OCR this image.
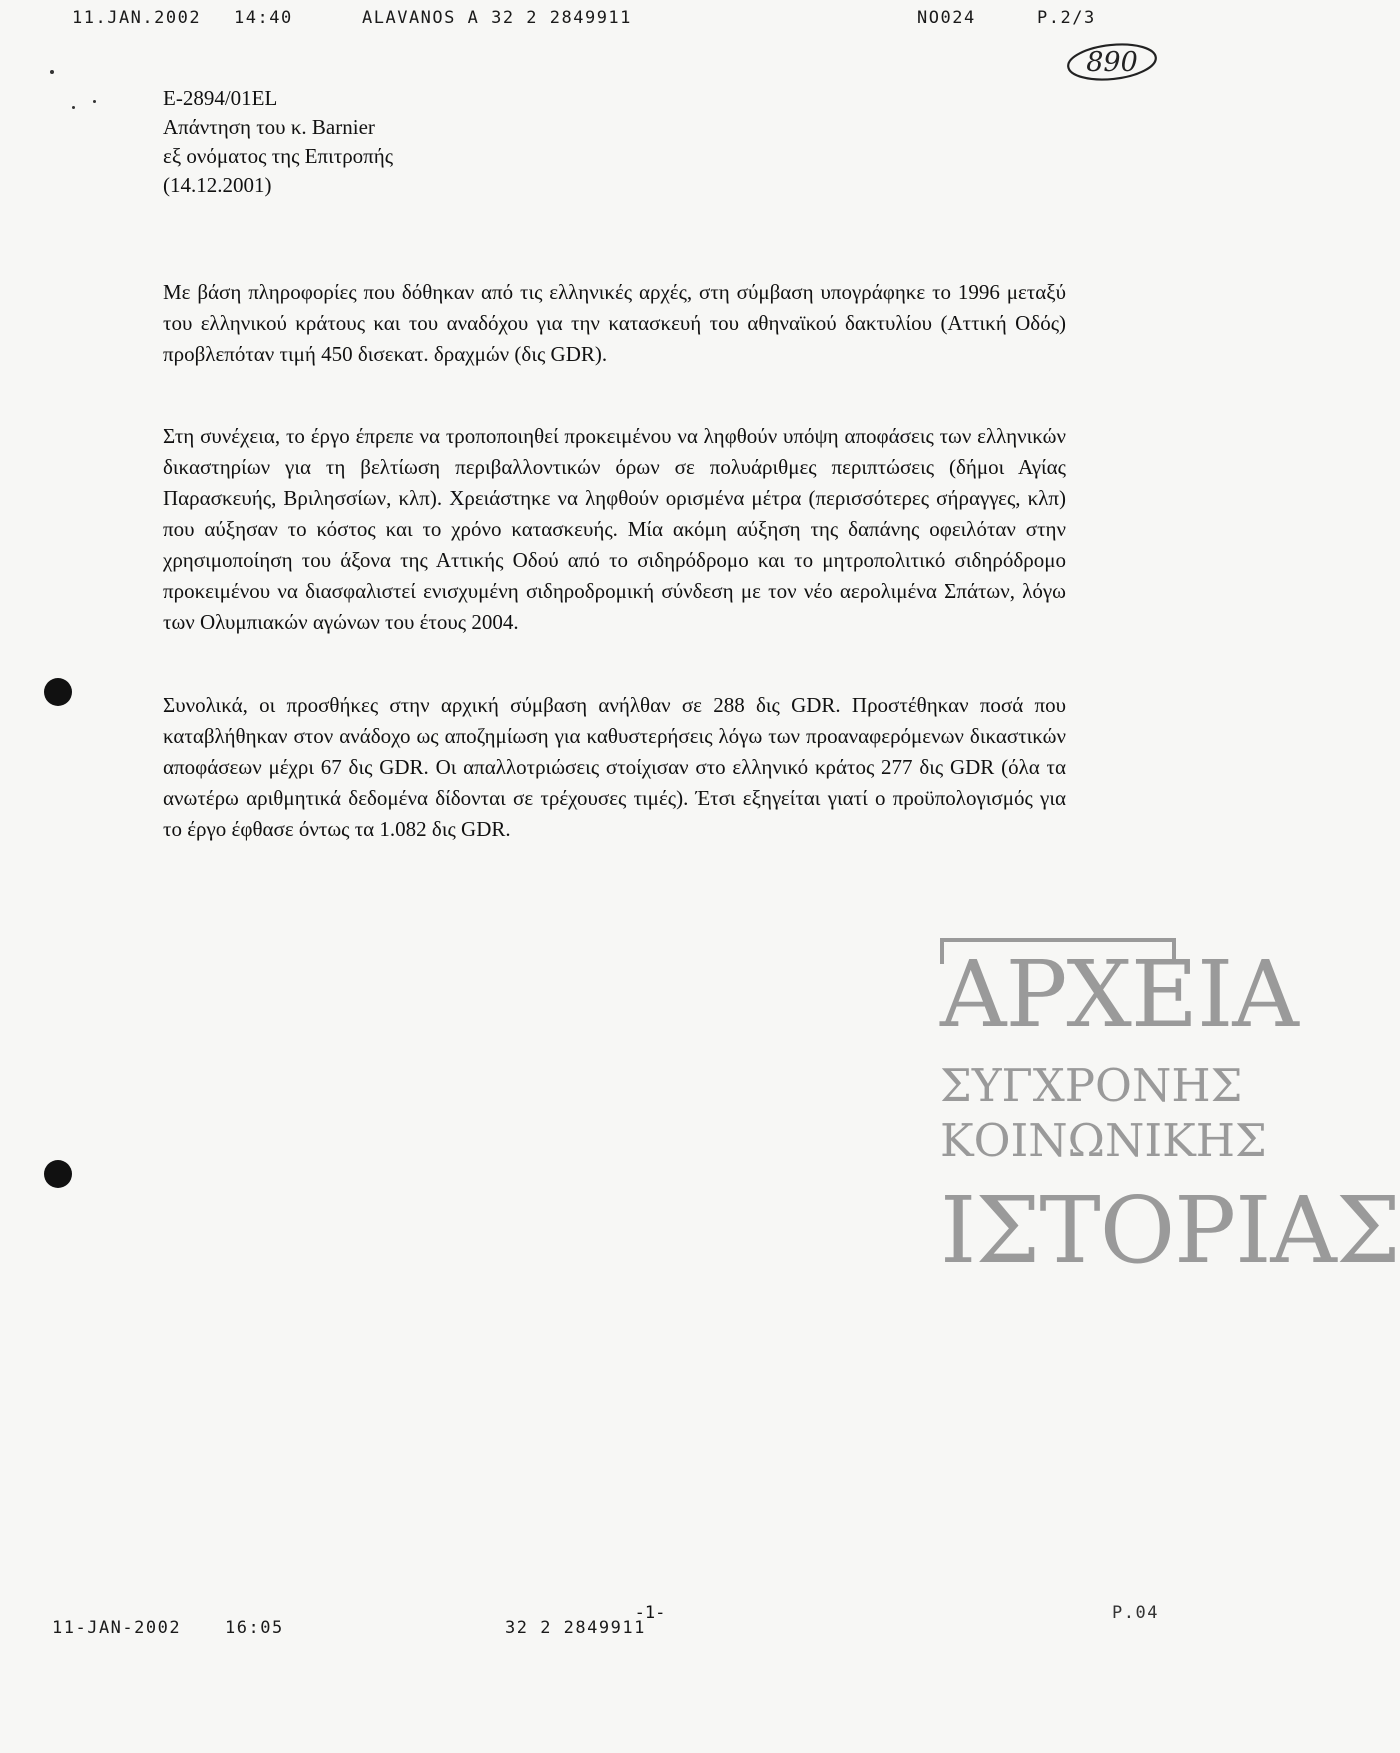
11.JAN.2002 14:40	ALAVANOS A 32 2 2849911	NO024	P.2/3
890
E-2894/01EL
Απάντηση του κ. Barnier
εξ ονόματος της Επιτροπής
(14.12.2001)

Με βάση πληροφορίες που δόθηκαν από τις ελληνικές αρχές, στη σύμβαση υπογράφηκε το 1996 μεταξύ του ελληνικού κράτους και του αναδόχου για την κατασκευή του αθηναϊκού δακτυλίου (Αττική Οδός) προβλεπόταν τιμή 450 δισεκατ. δραχμών (δις GDR).

Στη συνέχεια, το έργο έπρεπε να τροποποιηθεί προκειμένου να ληφθούν υπόψη αποφάσεις των ελληνικών δικαστηρίων για τη βελτίωση περιβαλλοντικών όρων σε πολυάριθμες περιπτώσεις (δήμοι Αγίας Παρασκευής, Βριλησσίων, κλπ). Χρειάστηκε να ληφθούν ορισμένα μέτρα (περισσότερες σήραγγες, κλπ) που αύξησαν το κόστος και το χρόνο κατασκευής. Μία ακόμη αύξηση της δαπάνης οφειλόταν στην χρησιμοποίηση του άξονα της Αττικής Οδού από το σιδηρόδρομο και το μητροπολιτικό σιδηρόδρομο προκειμένου να διασφαλιστεί ενισχυμένη σιδηροδρομική σύνδεση με τον νέο αερολιμένα Σπάτων, λόγω των Ολυμπιακών αγώνων του έτους 2004.

Συνολικά, οι προσθήκες στην αρχική σύμβαση ανήλθαν σε 288 δις GDR. Προστέθηκαν ποσά που καταβλήθηκαν στον ανάδοχο ως αποζημίωση για καθυστερήσεις λόγω των προαναφερόμενων δικαστικών αποφάσεων μέχρι 67 δις GDR. Οι απαλλοτριώσεις στοίχισαν στο ελληνικό κράτος 277 δις GDR (όλα τα ανωτέρω αριθμητικά δεδομένα δίδονται σε τρέχουσες τιμές). Έτσι εξηγείται γιατί ο προϋπολογισμός για το έργο έφθασε όντως τα 1.082 δις GDR.

ΑΡΧΕΙΑ
ΣΥΓΧΡΟΝΗΣ
ΚΟΙΝΩΝΙΚΗΣ
ΙΣΤΟΡΙΑΣ
-1-
11-JAN-2002	16:05	32 2 2849911
P.04
